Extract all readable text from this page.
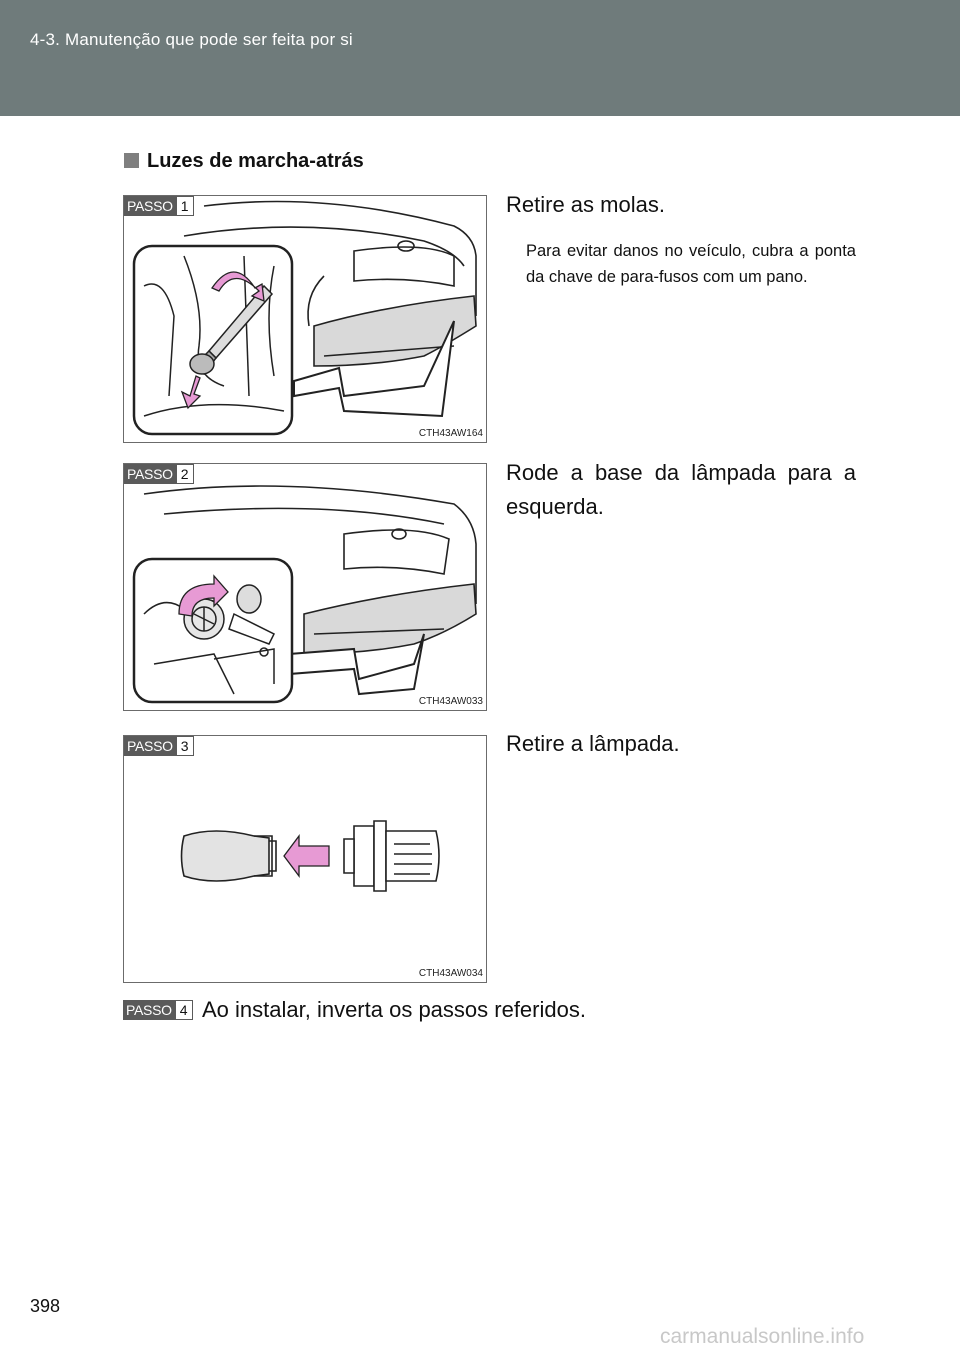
4-3. Manutenção que pode ser feita por si
Luzes de marcha-atrás
PASSO 1
CTH43AW164
Retire as molas.
Para evitar danos no veículo, cubra a ponta da chave de para-fusos com um pano.
PASSO 2
CTH43AW033
Rode a base da lâmpada para a esquerda.
PASSO 3
CTH43AW034
Retire a lâmpada.
PASSO 4 Ao instalar, inverta os passos referidos.
398
carmanualsonline.info
